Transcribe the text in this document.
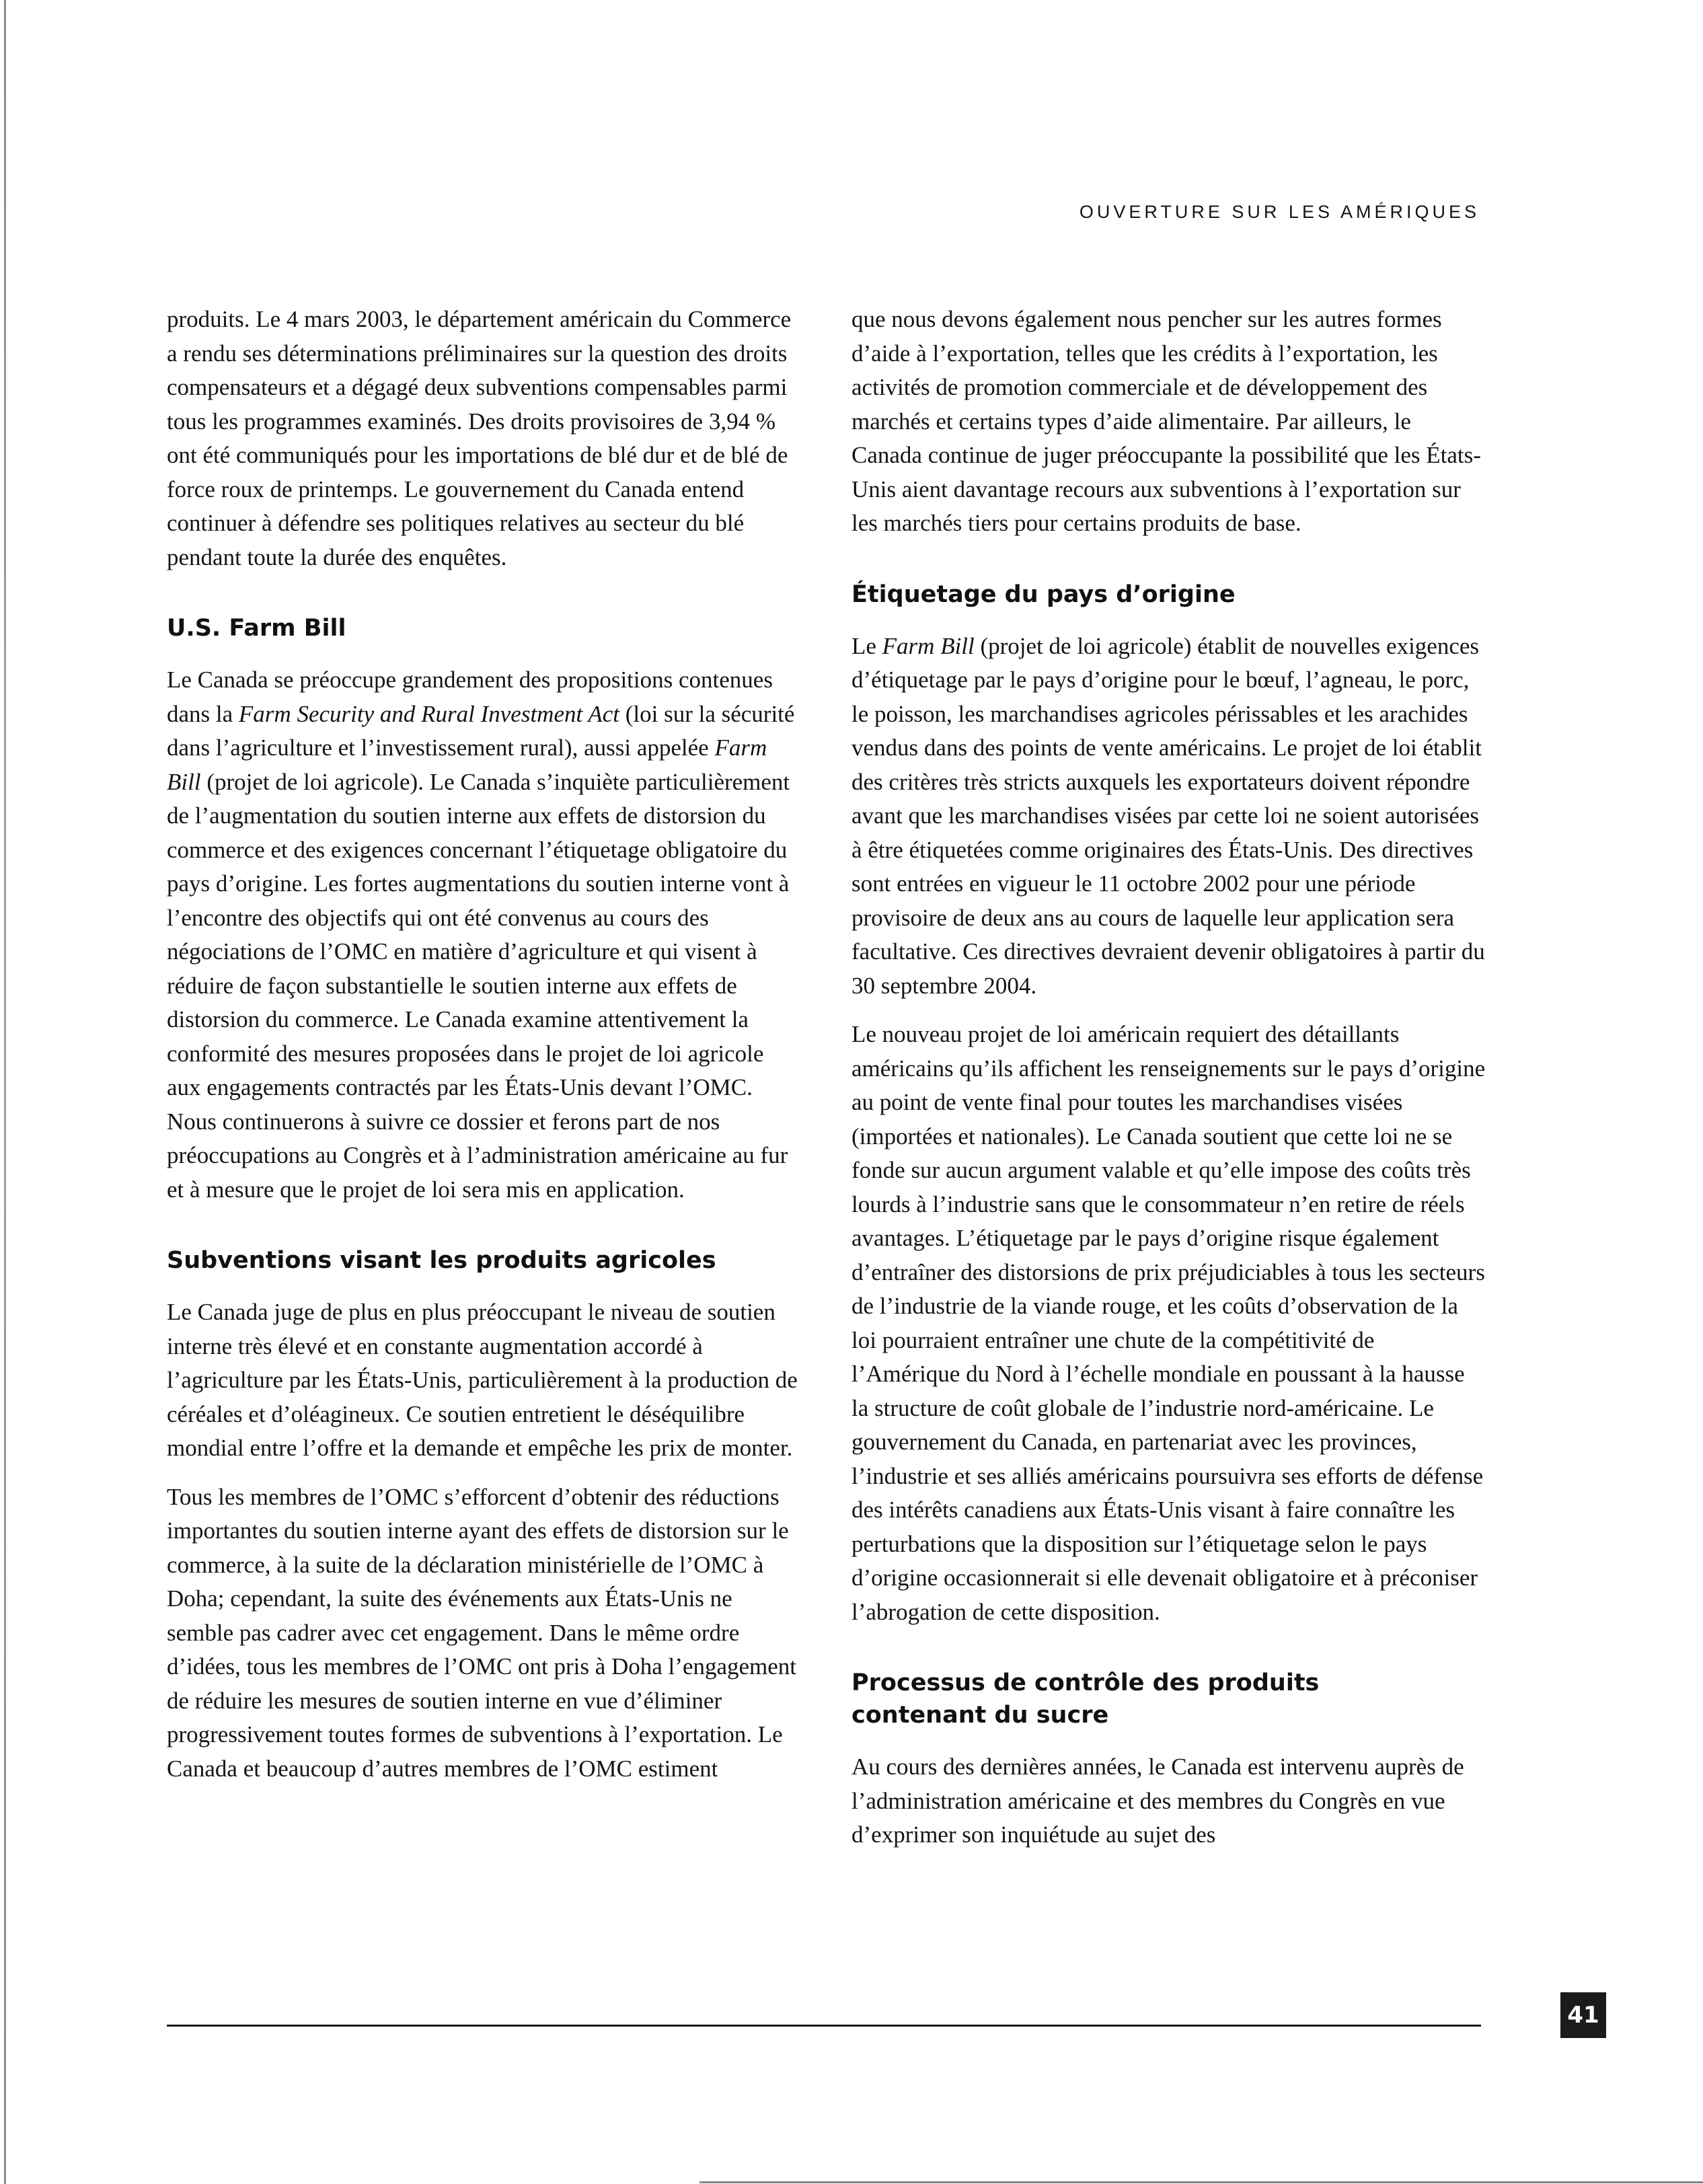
OUVERTURE SUR LES AMÉRIQUES

produits. Le 4 mars 2003, le département américain du Commerce a rendu ses déterminations préliminaires sur la question des droits compensateurs et a dégagé deux subventions compensables parmi tous les programmes examinés. Des droits provisoires de 3,94 % ont été communiqués pour les importations de blé dur et de blé de force roux de printemps. Le gouvernement du Canada entend continuer à défendre ses politiques relatives au secteur du blé pendant toute la durée des enquêtes.

U.S. Farm Bill

Le Canada se préoccupe grandement des propositions contenues dans la Farm Security and Rural Investment Act (loi sur la sécurité dans l’agriculture et l’investissement rural), aussi appelée Farm Bill (projet de loi agricole). Le Canada s’inquiète particulièrement de l’augmentation du soutien interne aux effets de distorsion du commerce et des exigences concernant l’étiquetage obligatoire du pays d’origine. Les fortes augmentations du soutien interne vont à l’encontre des objectifs qui ont été convenus au cours des négociations de l’OMC en matière d’agriculture et qui visent à réduire de façon substantielle le soutien interne aux effets de distorsion du commerce. Le Canada examine attentivement la conformité des mesures proposées dans le projet de loi agricole aux engagements contractés par les États-Unis devant l’OMC. Nous continuerons à suivre ce dossier et ferons part de nos préoccupations au Congrès et à l’administration américaine au fur et à mesure que le projet de loi sera mis en application.

Subventions visant les produits agricoles

Le Canada juge de plus en plus préoccupant le niveau de soutien interne très élevé et en constante augmentation accordé à l’agriculture par les États-Unis, particulièrement à la production de céréales et d’oléagineux. Ce soutien entretient le déséquilibre mondial entre l’offre et la demande et empêche les prix de monter.

Tous les membres de l’OMC s’efforcent d’obtenir des réductions importantes du soutien interne ayant des effets de distorsion sur le commerce, à la suite de la déclaration ministérielle de l’OMC à Doha; cependant, la suite des événements aux États-Unis ne semble pas cadrer avec cet engagement. Dans le même ordre d’idées, tous les membres de l’OMC ont pris à Doha l’engagement de réduire les mesures de soutien interne en vue d’éliminer progressivement toutes formes de subventions à l’exportation. Le Canada et beaucoup d’autres membres de l’OMC estiment

que nous devons également nous pencher sur les autres formes d’aide à l’exportation, telles que les crédits à l’exportation, les activités de promotion commerciale et de développement des marchés et certains types d’aide alimentaire. Par ailleurs, le Canada continue de juger préoccupante la possibilité que les États-Unis aient davantage recours aux subventions à l’exportation sur les marchés tiers pour certains produits de base.

Étiquetage du pays d’origine

Le Farm Bill (projet de loi agricole) établit de nouvelles exigences d’étiquetage par le pays d’origine pour le bœuf, l’agneau, le porc, le poisson, les marchandises agricoles périssables et les arachides vendus dans des points de vente américains. Le projet de loi établit des critères très stricts auxquels les exportateurs doivent répondre avant que les marchandises visées par cette loi ne soient autorisées à être étiquetées comme originaires des États-Unis. Des directives sont entrées en vigueur le 11 octobre 2002 pour une période provisoire de deux ans au cours de laquelle leur application sera facultative. Ces directives devraient devenir obligatoires à partir du 30 septembre 2004.

Le nouveau projet de loi américain requiert des détaillants américains qu’ils affichent les renseignements sur le pays d’origine au point de vente final pour toutes les marchandises visées (importées et nationales). Le Canada soutient que cette loi ne se fonde sur aucun argument valable et qu’elle impose des coûts très lourds à l’industrie sans que le consommateur n’en retire de réels avantages. L’étiquetage par le pays d’origine risque également d’entraîner des distorsions de prix préjudiciables à tous les secteurs de l’industrie de la viande rouge, et les coûts d’observation de la loi pourraient entraîner une chute de la compétitivité de l’Amérique du Nord à l’échelle mondiale en poussant à la hausse la structure de coût globale de l’industrie nord-américaine. Le gouvernement du Canada, en partenariat avec les provinces, l’industrie et ses alliés américains poursuivra ses efforts de défense des intérêts canadiens aux États-Unis visant à faire connaître les perturbations que la disposition sur l’étiquetage selon le pays d’origine occasionnerait si elle devenait obligatoire et à préconiser l’abrogation de cette disposition.

Processus de contrôle des produits
contenant du sucre

Au cours des dernières années, le Canada est intervenu auprès de l’administration américaine et des membres du Congrès en vue d’exprimer son inquiétude au sujet des

41
